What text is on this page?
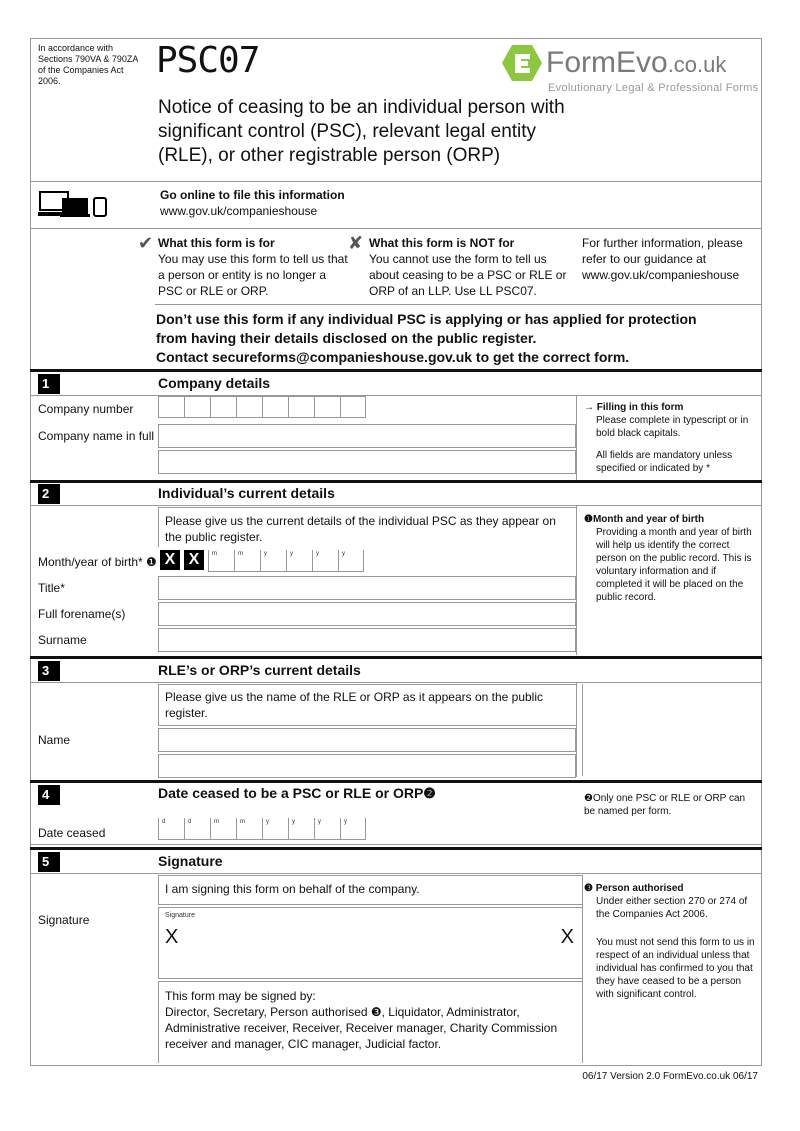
In accordance with Sections 790VA & 790ZA of the Companies Act 2006.	PSC07	FormEvo.co.uk
Evolutionary Legal & Professional Forms
Notice of ceasing to be an individual person with significant control (PSC), relevant legal entity (RLE), or other registrable person (ORP)
Go online to file this information
www.gov.uk/companieshouse
✔ What this form is for
You may use this form to tell us that a person or entity is no longer a PSC or RLE or ORP.
✘ What this form is NOT for
You cannot use the form to tell us about ceasing to be a PSC or RLE or ORP of an LLP. Use LL PSC07.
For further information, please refer to our guidance at www.gov.uk/companieshouse
Don’t use this form if any individual PSC is applying or has applied for protection
from having their details disclosed on the public register.
Contact secureforms@companieshouse.gov.uk to get the correct form.
1	Company details
Company number
Company name in full
→ Filling in this form
Please complete in typescript or in bold black capitals.
All fields are mandatory unless specified or indicated by *
2	Individual’s current details
Please give us the current details of the individual PSC as they appear on the public register.
Month/year of birth* ❶ X X	m	m	y	y	y	y
Title*
Full forename(s)
Surname
❶Month and year of birth
Providing a month and year of birth will help us identify the correct person on the public record. This is voluntary information and if completed it will be placed on the public record.
3	RLE’s or ORP’s current details
Please give us the name of the RLE or ORP as it appears on the public register.
Name
4	Date ceased to be a PSC or RLE or ORP❷
Date ceased
d	d	m	m	y	y	y	y
❷Only one PSC or RLE or ORP can be named per form.
5	Signature
I am signing this form on behalf of the company.
Signature	Signature
X	X
This form may be signed by:
Director, Secretary, Person authorised ❸, Liquidator, Administrator, Administrative receiver, Receiver, Receiver manager, Charity Commission receiver and manager, CIC manager, Judicial factor.
❸ Person authorised
Under either section 270 or 274 of the Companies Act 2006.
You must not send this form to us in respect of an individual unless that individual has confirmed to you that they have ceased to be a person with significant control.
06/17 Version 2.0 FormEvo.co.uk 06/17
